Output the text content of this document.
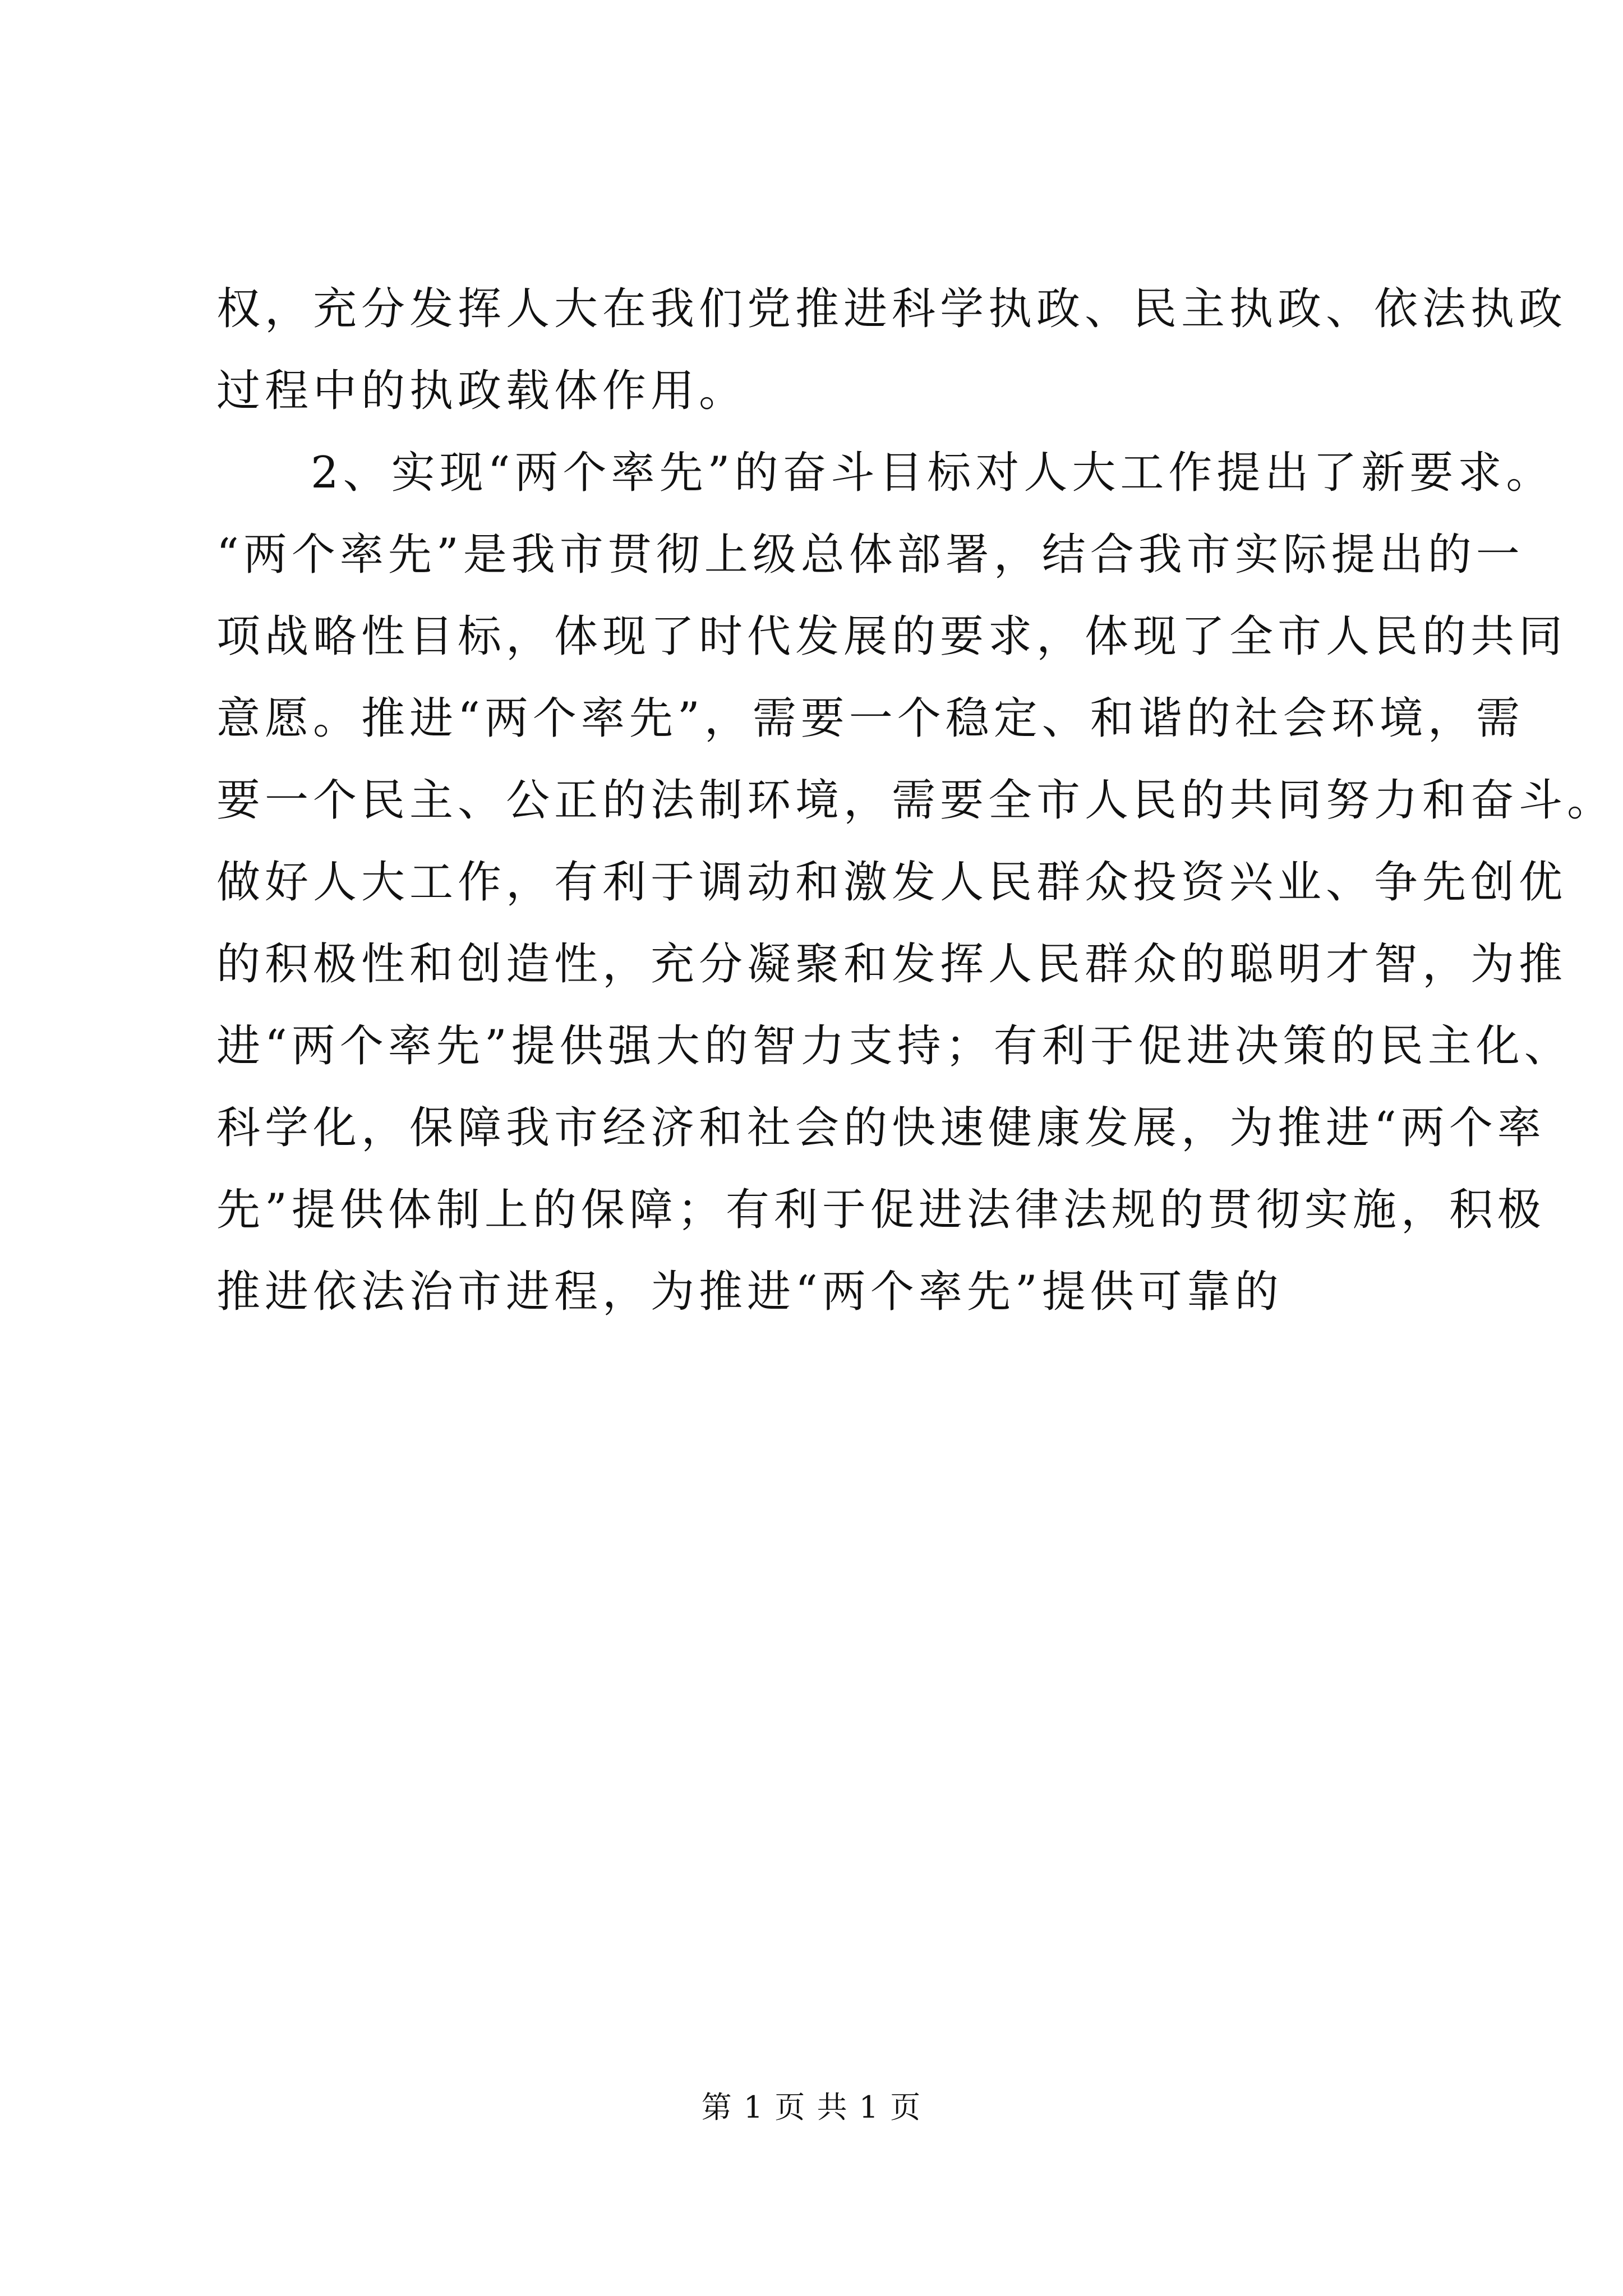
权，充分发挥人大在我们党推进科学执政、民主执政、依法执政
过程中的执政载体作用。
2、实现“两个率先”的奋斗目标对人大工作提出了新要求。
“两个率先”是我市贯彻上级总体部署，结合我市实际提出的一
项战略性目标，体现了时代发展的要求，体现了全市人民的共同
意愿。推进“两个率先”，需要一个稳定、和谐的社会环境，需
要一个民主、公正的法制环境，需要全市人民的共同努力和奋斗。
做好人大工作，有利于调动和激发人民群众投资兴业、争先创优
的积极性和创造性，充分凝聚和发挥人民群众的聪明才智，为推
进“两个率先”提供强大的智力支持；有利于促进决策的民主化、
科学化，保障我市经济和社会的快速健康发展，为推进“两个率
先”提供体制上的保障；有利于促进法律法规的贯彻实施，积极
推进依法治市进程，为推进“两个率先”提供可靠的
第 1 页 共 1 页
